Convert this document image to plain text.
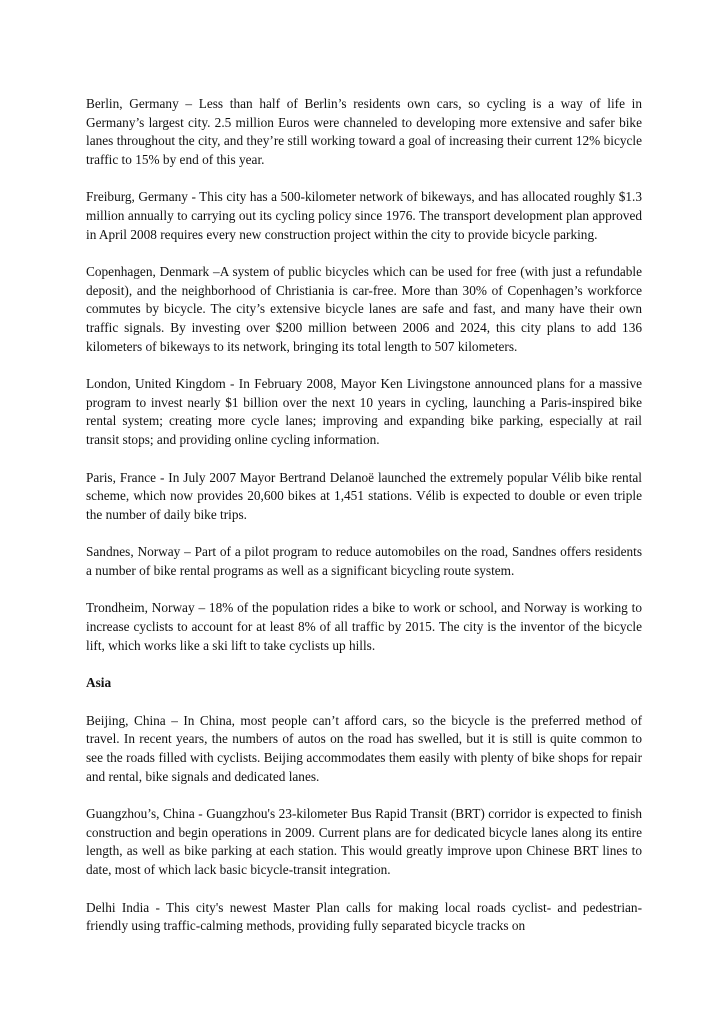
Berlin, Germany – Less than half of Berlin’s residents own cars, so cycling is a way of life in Germany’s largest city. 2.5 million Euros were channeled to developing more extensive and safer bike lanes throughout the city, and they’re still working toward a goal of increasing their current 12% bicycle traffic to 15% by end of this year.

Freiburg, Germany - This city has a 500-kilometer network of bikeways, and has allocated roughly $1.3 million annually to carrying out its cycling policy since 1976. The transport development plan approved in April 2008 requires every new construction project within the city to provide bicycle parking.

Copenhagen, Denmark –A system of public bicycles which can be used for free (with just a refundable deposit), and the neighborhood of Christiania is car-free. More than 30% of Copenhagen’s workforce commutes by bicycle. The city’s extensive bicycle lanes are safe and fast, and many have their own traffic signals. By investing over $200 million between 2006 and 2024, this city plans to add 136 kilometers of bikeways to its network, bringing its total length to 507 kilometers.

London, United Kingdom - In February 2008, Mayor Ken Livingstone announced plans for a massive program to invest nearly $1 billion over the next 10 years in cycling, launching a Paris-inspired bike rental system; creating more cycle lanes; improving and expanding bike parking, especially at rail transit stops; and providing online cycling information.

Paris, France - In July 2007 Mayor Bertrand Delanoë launched the extremely popular Vélib bike rental scheme, which now provides 20,600 bikes at 1,451 stations. Vélib is expected to double or even triple the number of daily bike trips.

Sandnes, Norway – Part of a pilot program to reduce automobiles on the road, Sandnes offers residents a number of bike rental programs as well as a significant bicycling route system.

Trondheim, Norway – 18% of the population rides a bike to work or school, and Norway is working to increase cyclists to account for at least 8% of all traffic by 2015. The city is the inventor of the bicycle lift, which works like a ski lift to take cyclists up hills.

Asia

Beijing, China – In China, most people can’t afford cars, so the bicycle is the preferred method of travel. In recent years, the numbers of autos on the road has swelled, but it is still is quite common to see the roads filled with cyclists. Beijing accommodates them easily with plenty of bike shops for repair and rental, bike signals and dedicated lanes.

Guangzhou’s, China - Guangzhou's 23-kilometer Bus Rapid Transit (BRT) corridor is expected to finish construction and begin operations in 2009. Current plans are for dedicated bicycle lanes along its entire length, as well as bike parking at each station. This would greatly improve upon Chinese BRT lines to date, most of which lack basic bicycle-transit integration.

Delhi India - This city's newest Master Plan calls for making local roads cyclist- and pedestrian- friendly using traffic-calming methods, providing fully separated bicycle tracks on
